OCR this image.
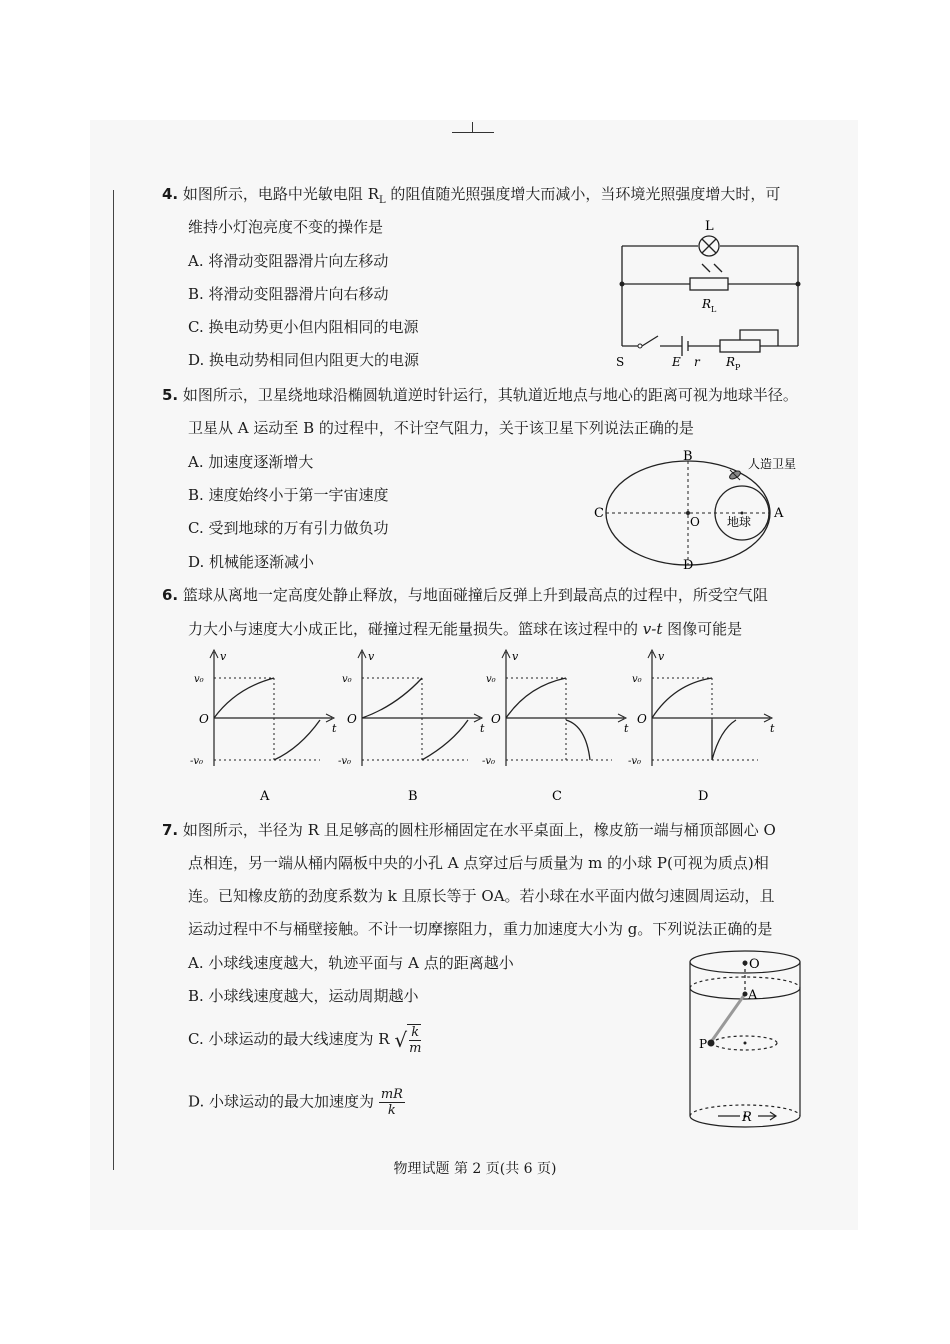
4. 如图所示，电路中光敏电阻 $R_L$ 的阻值随光照强度增大而减小，当环境光照强度增大时，可
维持小灯泡亮度不变的操作是
A. 将滑动变阻器滑片向左移动
B. 将滑动变阻器滑片向右移动
C. 换电动势更小但内阻相同的电源
D. 换电动势相同但内阻更大的电源
L
R L
S	E r R P
5. 如图所示，卫星绕地球沿椭圆轨道逆时针运行，其轨道近地点与地心的距离可视为地球半径。
卫星从 A 运动至 B 的过程中，不计空气阻力，关于该卫星下列说法正确的是
A. 加速度逐渐增大
B. 速度始终小于第一宇宙速度
C. 受到地球的万有引力做负功
D. 机械能逐渐减小
B
C	A
D
O 地球
人造卫星
6. 篮球从离地一定高度处静止释放，与地面碰撞后反弹上升到最高点的过程中，所受空气阻
力大小与速度大小成正比，碰撞过程无能量损失。篮球在该过程中的 v-t 图像可能是
v
t
v₀
-v₀
O
A
v
t
v₀
-v₀
O
B
v
t
v₀
-v₀
O
C
v
t
v₀
-v₀
O
D
7. 如图所示，半径为 R 且足够高的圆柱形桶固定在水平桌面上，橡皮筋一端与桶顶部圆心 O
点相连，另一端从桶内隔板中央的小孔 A 点穿过后与质量为 m 的小球 P(可视为质点)相
连。已知橡皮筋的劲度系数为 k 且原长等于 OA。若小球在水平面内做匀速圆周运动，且
运动过程中不与桶壁接触。不计一切摩擦阻力，重力加速度大小为 g。下列说法正确的是
A. 小球线速度越大，轨迹平面与 A 点的距离越小
B. 小球线速度越大，运动周期越小
C. 小球运动的最大线速度为 R √ $\frac{k}{m}$
D. 小球运动的最大加速度为 $\frac{mR}{k}$
O
A
P
R
物理试题 第 2 页(共 6 页)
